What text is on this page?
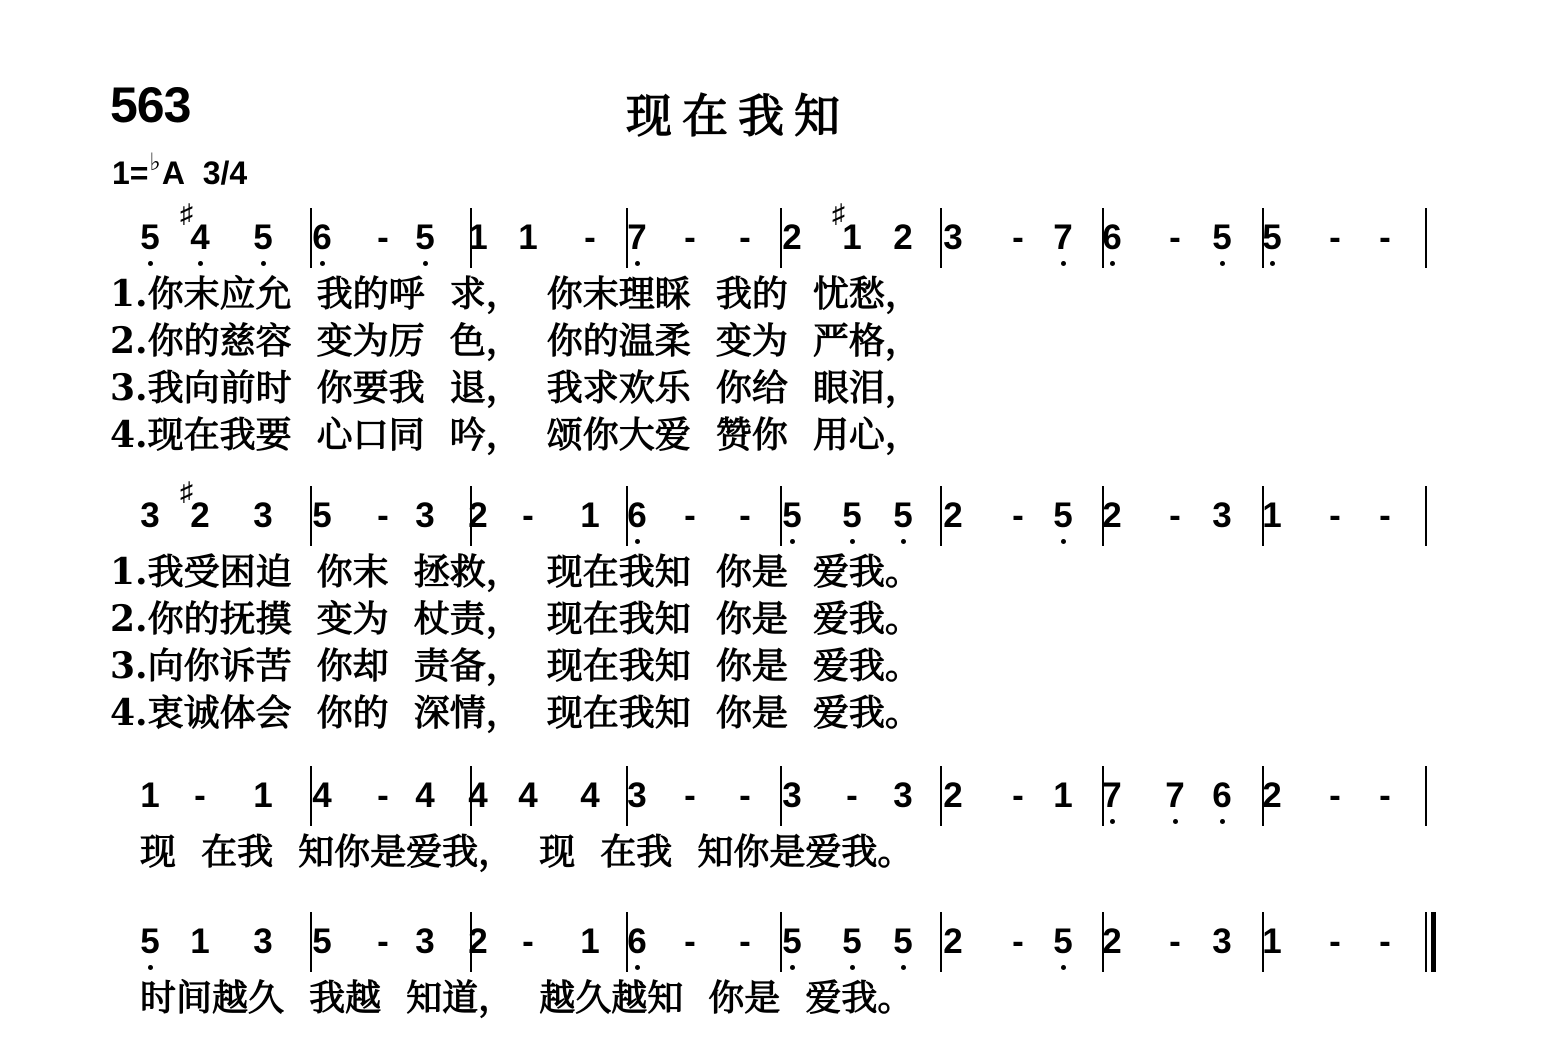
563	现在我知
1=♭A 3/4
5 4
♯
5 6 - 5 1 1 - 7 - - 2 1
♯
2 3 - 7 6 - 5 5 - -
1.你末应允  我的呼  求，  你末理睬  我的  忧愁，
2.你的慈容  变为厉  色，  你的温柔  变为  严格，
3.我向前时  你要我  退，  我求欢乐  你给  眼泪，
4.现在我要  心口同  吟，  颂你大爱  赞你  用心，
3 2
♯
3 5 - 3 2 - 1 6 - - 5 5 5 2 - 5 2 - 3 1 - -
1.我受困迫  你末  拯救，  现在我知  你是  爱我。
2.你的抚摸  变为  杖责，  现在我知  你是  爱我。
3.向你诉苦  你却  责备，  现在我知  你是  爱我。
4.衷诚体会  你的  深情，  现在我知  你是  爱我。
1 - 1 4 - 4 4 4 4 3 - - 3 - 3 2 - 1 7 7 6 2 - -
现  在我  知你是爱我，  现  在我  知你是爱我。
5 1 3 5 - 3 2 - 1 6 - - 5 5 5 2 - 5 2 - 3 1 - -
时间越久  我越  知道，  越久越知  你是  爱我。
